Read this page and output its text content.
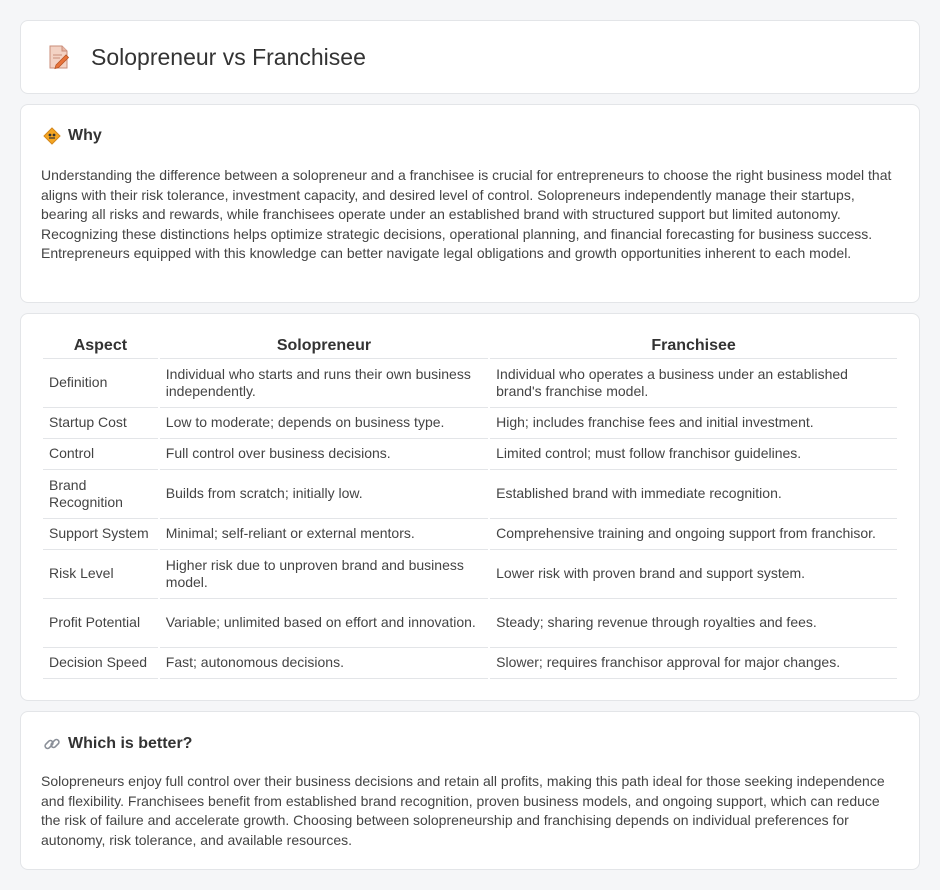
Solopreneur vs Franchisee
Why

Understanding the difference between a solopreneur and a franchisee is crucial for entrepreneurs to choose the right business model that aligns with their risk tolerance, investment capacity, and desired level of control. Solopreneurs independently manage their startups, bearing all risks and rewards, while franchisees operate under an established brand with structured support but limited autonomy. Recognizing these distinctions helps optimize strategic decisions, operational planning, and financial forecasting for business success. Entrepreneurs equipped with this knowledge can better navigate legal obligations and growth opportunities inherent to each model.

Aspect	Solopreneur	Franchisee
Definition	Individual who starts and runs their own business independently.	Individual who operates a business under an established brand's franchise model.
Startup Cost	Low to moderate; depends on business type.	High; includes franchise fees and initial investment.
Control	Full control over business decisions.	Limited control; must follow franchisor guidelines.
Brand Recognition	Builds from scratch; initially low.	Established brand with immediate recognition.
Support System	Minimal; self-reliant or external mentors.	Comprehensive training and ongoing support from franchisor.
Risk Level	Higher risk due to unproven brand and business model.	Lower risk with proven brand and support system.
Profit Potential	Variable; unlimited based on effort and innovation.	Steady; sharing revenue through royalties and fees.
Decision Speed	Fast; autonomous decisions.	Slower; requires franchisor approval for major changes.
Which is better?

Solopreneurs enjoy full control over their business decisions and retain all profits, making this path ideal for those seeking independence and flexibility. Franchisees benefit from established brand recognition, proven business models, and ongoing support, which can reduce the risk of failure and accelerate growth. Choosing between solopreneurship and franchising depends on individual preferences for autonomy, risk tolerance, and available resources.
